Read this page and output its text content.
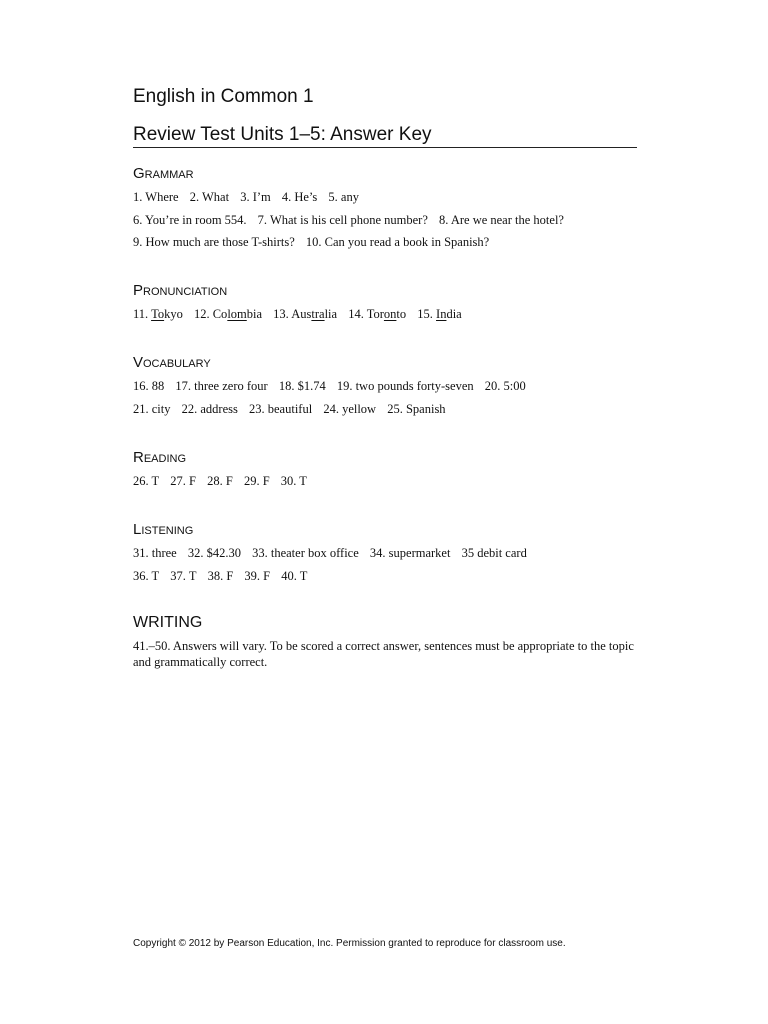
English in Common 1
Review Test Units 1–5: Answer Key
Grammar
1. Where 2. What 3. I’m 4. He’s 5. any
6. You’re in room 554. 7. What is his cell phone number? 8. Are we near the hotel?
9. How much are those T-shirts? 10. Can you read a book in Spanish?
Pronunciation
11. Tokyo 12. Colombia 13. Australia 14. Toronto 15. India
Vocabulary
16. 88 17. three zero four 18. $1.74 19. two pounds forty-seven 20. 5:00
21. city 22. address 23. beautiful 24. yellow 25. Spanish
Reading
26. T 27. F 28. F 29. F 30. T
Listening
31. three 32. $42.30 33. theater box office 34. supermarket 35 debit card
36. T 37. T 38. F 39. F 40. T
WRITING
41.–50. Answers will vary. To be scored a correct answer, sentences must be appropriate to the topic and grammatically correct.
Copyright © 2012 by Pearson Education, Inc. Permission granted to reproduce for classroom use.
